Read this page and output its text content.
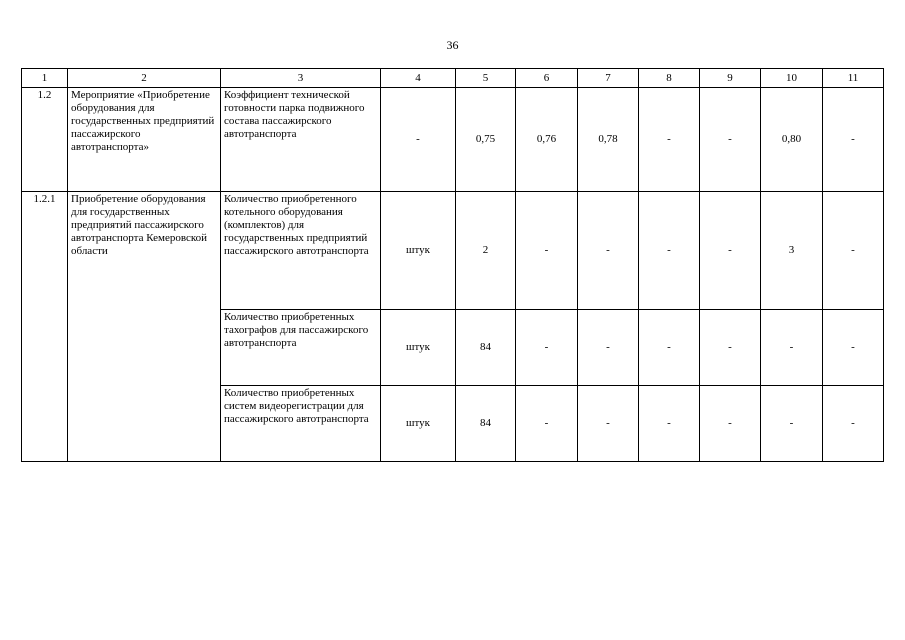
36
1	2	3	4	5	6	7	8	9	10	11
1.2	Мероприятие «Приобретение оборудования для государственных предприятий пассажирского автотранспорта»	Коэффициент технической готовности парка подвижного состава пассажирского автотранспорта	-	0,75	0,76	0,78	-	-	0,80	-
1.2.1	Приобретение оборудования для государственных предприятий пассажирского автотранспорта Кемеровской области	Количество приобретенного котельного оборудования (комплектов) для государственных предприятий пассажирского автотранспорта	штук	2	-	-	-	-	3	-
		Количество приобретенных тахографов для пассажирского автотранспорта	штук	84	-	-	-	-	-	-
		Количество приобретенных систем видеорегистрации для пассажирского автотранспорта	штук	84	-	-	-	-	-	-
